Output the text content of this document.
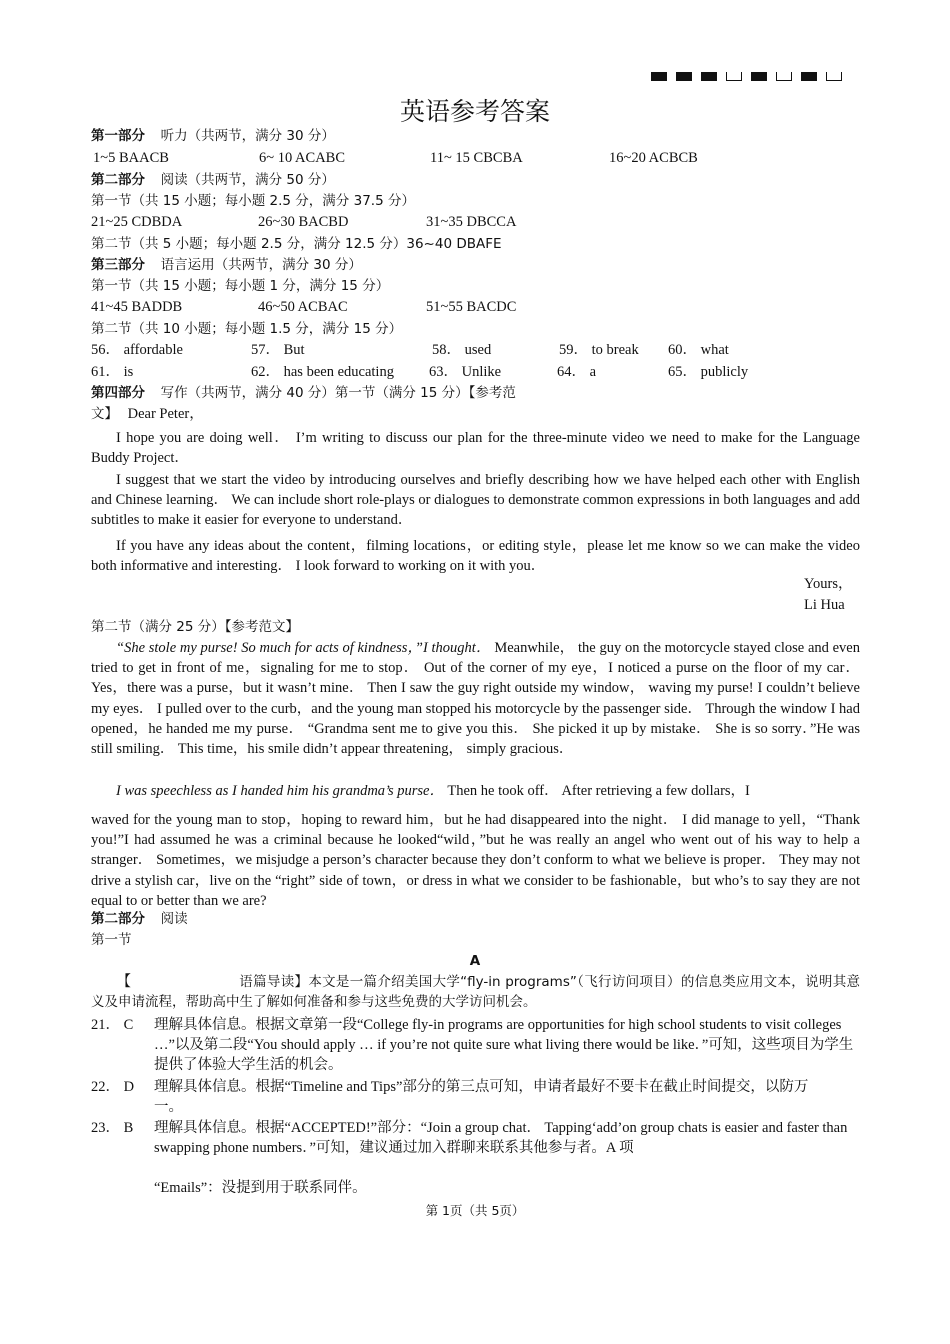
英语参考答案
第一部分 听力（共两节，满分 30 分）
1~5 BAACB	6~ 10 ACABC	11~ 15 CBCBA	16~20 ACBCB
第二部分 阅读（共两节，满分 50 分）
第一节（共 15 小题；每小题 2.5 分，满分 37.5 分）
21~25 CDBDA	26~30 BACBD	31~35 DBCCA
第二节（共 5 小题；每小题 2.5 分，满分 12.5 分）36~40 DBAFE
第三部分 语言运用（共两节，满分 30 分）
第一节（共 15 小题；每小题 1 分，满分 15 分）
41~45 BADDB	46~50 ACBAC	51~55 BACDC
第二节（共 10 小题；每小题 1.5 分，满分 15 分）
56． affordable	57． But	58． used	59． to break 60． what
61． is	62． has been educating 63． Unlike	64． a	65． publicly
第四部分 写作（共两节，满分 40 分）第一节（满分 15 分）【参考范
文】 Dear Peter，
I hope you are doing well． I’m writing to discuss our plan for the three-minute video we need to make for the Language Buddy Project．
I suggest that we start the video by introducing ourselves and briefly describing how we have helped each other with English and Chinese learning． We can include short role-plays or dialogues to demonstrate common expressions in both languages and add subtitles to make it easier for everyone to understand．
If you have any ideas about the content，filming locations，or editing style，please let me know so we can make the video both informative and interesting． I look forward to working on it with you．
Yours，
Li Hua
第二节（满分 25 分）【参考范文】
“She stole my purse! So much for acts of kindness，”I thought． Meanwhile， the guy on the motorcycle stayed close and even tried to get in front of me，signaling for me to stop． Out of the corner of my eye，I noticed a purse on the floor of my car． Yes，there was a purse，but it wasn’t mine． Then I saw the guy right outside my window， waving my purse! I couldn’t believe my eyes． I pulled over to the curb，and the young man stopped his motorcycle by the passenger side． Through the window I had opened，he handed me my purse． “Grandma sent me to give you this． She picked it up by mistake． She is so sorry．”He was still smiling． This time，his smile didn’t appear threatening， simply gracious．
I was speechless as I handed him his grandma’s purse． Then he took off． After retrieving a few dollars，I
waved for the young man to stop，hoping to reward him，but he had disappeared into the night． I did manage to yell，“Thank you!”I had assumed he was a criminal because he looked“wild，”but he was really an angel who went out of his way to help a stranger． Sometimes，we misjudge a person’s character because they don’t conform to what we believe is proper． They may not drive a stylish car，live on the “right” side of town，or dress in what we consider to be fashionable，but who’s to say they are not equal to or better than we are?
第二部分 阅读
第一节
A
【	语篇导读】本文是一篇介绍美国大学“fly-in programs”（飞行访问项目）的信息类应用文本，说明其意义及申请流程，帮助高中生了解如何准备和参与这些免费的大学访问机会。
21． C 理解具体信息。根据文章第一段“College fly-in programs are opportunities for high school students to visit colleges …”以及第二段“You should apply … if you’re not quite sure what living there would be like．”可知，这些项目为学生提供了体验大学生活的机会。
22． D 理解具体信息。根据“Timeline and Tips”部分的第三点可知，申请者最好不要卡在截止时间提交，以防万一。
23． B 理解具体信息。根据“ACCEPTED!”部分：“Join a group chat． Tapping‘add’on group chats is easier and faster than swapping phone numbers．”可知，建议通过加入群聊来联系其他参与者。A 项
“Emails”：没提到用于联系同伴。
第 1页（共 5页）
